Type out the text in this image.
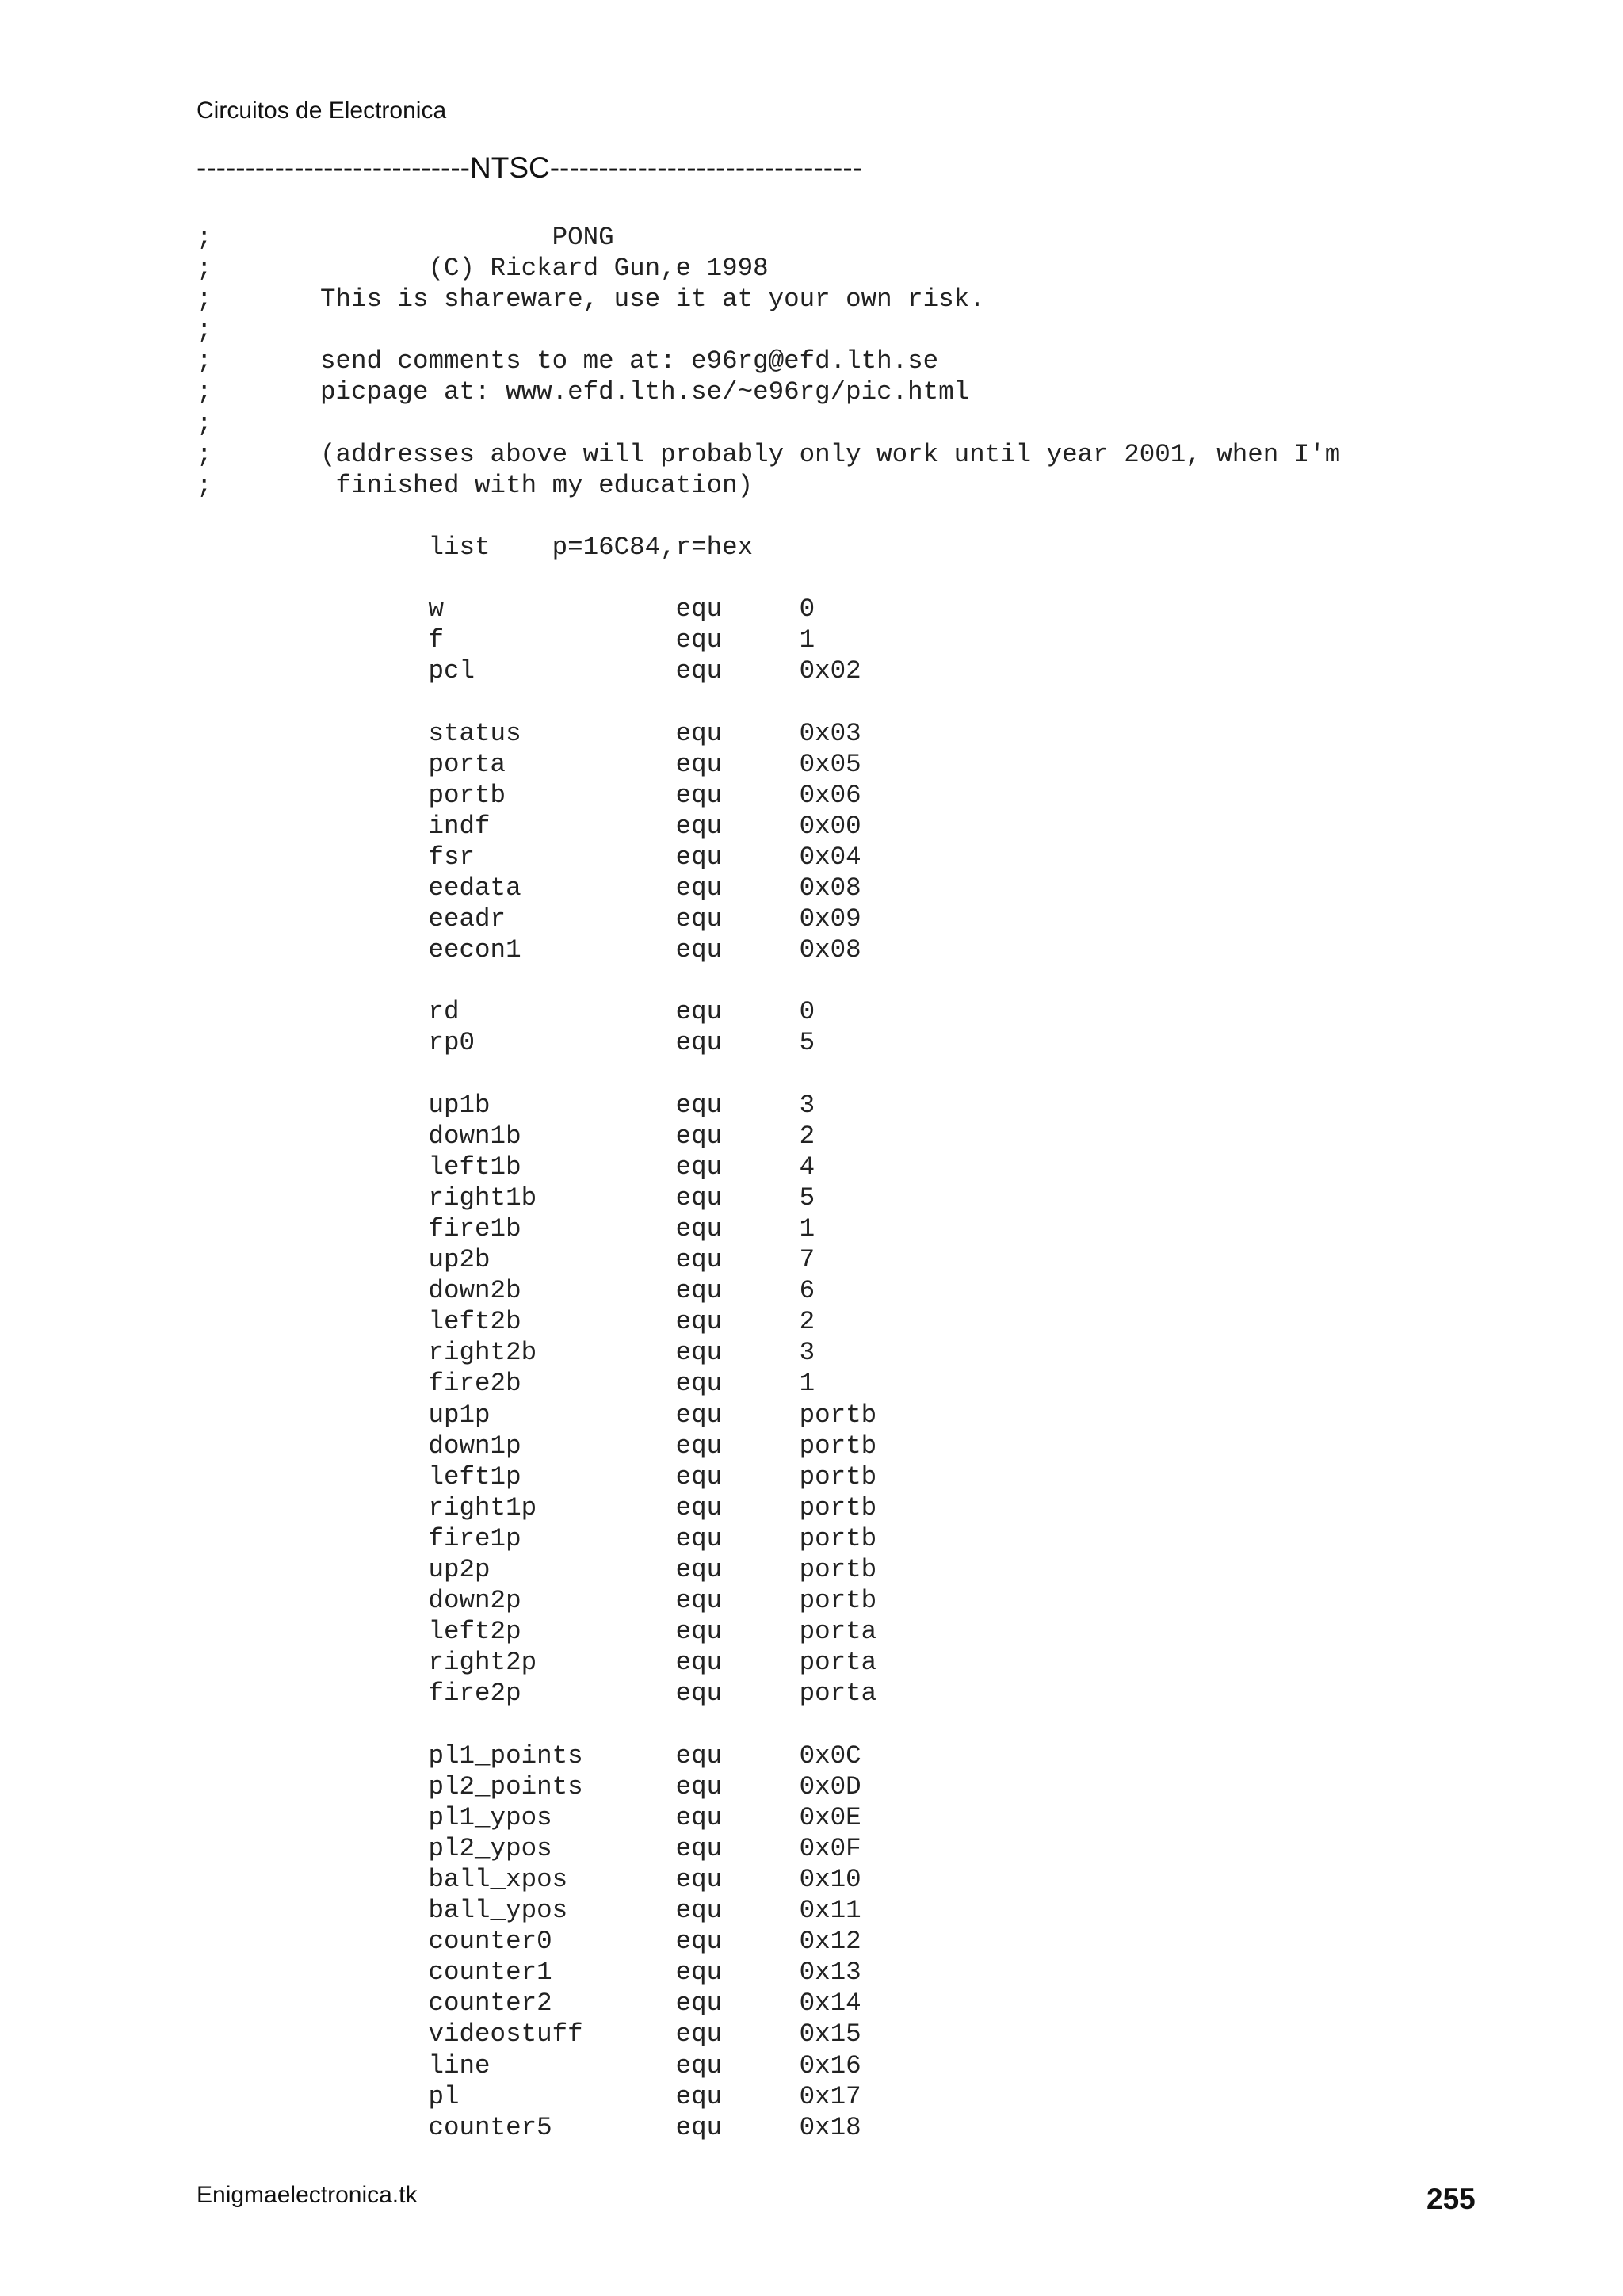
Circuitos de Electronica
----------------------------NTSC--------------------------------
;                      PONG
;              (C) Rickard Gun,e 1998
;       This is shareware, use it at your own risk.
;
;       send comments to me at: e96rg@efd.lth.se
;       picpage at: www.efd.lth.se/~e96rg/pic.html
;
;       (addresses above will probably only work until year 2001, when I'm
;        finished with my education)
list    p=16C84,r=hex
w               equ     0
f               equ     1
pcl             equ     0x02
status          equ     0x03
porta           equ     0x05
portb           equ     0x06
indf            equ     0x00
fsr             equ     0x04
eedata          equ     0x08
eeadr           equ     0x09
eecon1          equ     0x08
rd              equ     0
rp0             equ     5
up1b            equ     3
down1b          equ     2
left1b          equ     4
right1b         equ     5
fire1b          equ     1
up2b            equ     7
down2b          equ     6
left2b          equ     2
right2b         equ     3
fire2b          equ     1
up1p            equ     portb
down1p          equ     portb
left1p          equ     portb
right1p         equ     portb
fire1p          equ     portb
up2p            equ     portb
down2p          equ     portb
left2p          equ     porta
right2p         equ     porta
fire2p          equ     porta
pl1_points      equ     0x0C
pl2_points      equ     0x0D
pl1_ypos        equ     0x0E
pl2_ypos        equ     0x0F
ball_xpos       equ     0x10
ball_ypos       equ     0x11
counter0        equ     0x12
counter1        equ     0x13
counter2        equ     0x14
videostuff      equ     0x15
line            equ     0x16
pl              equ     0x17
counter5        equ     0x18
Enigmaelectronica.tk	255
